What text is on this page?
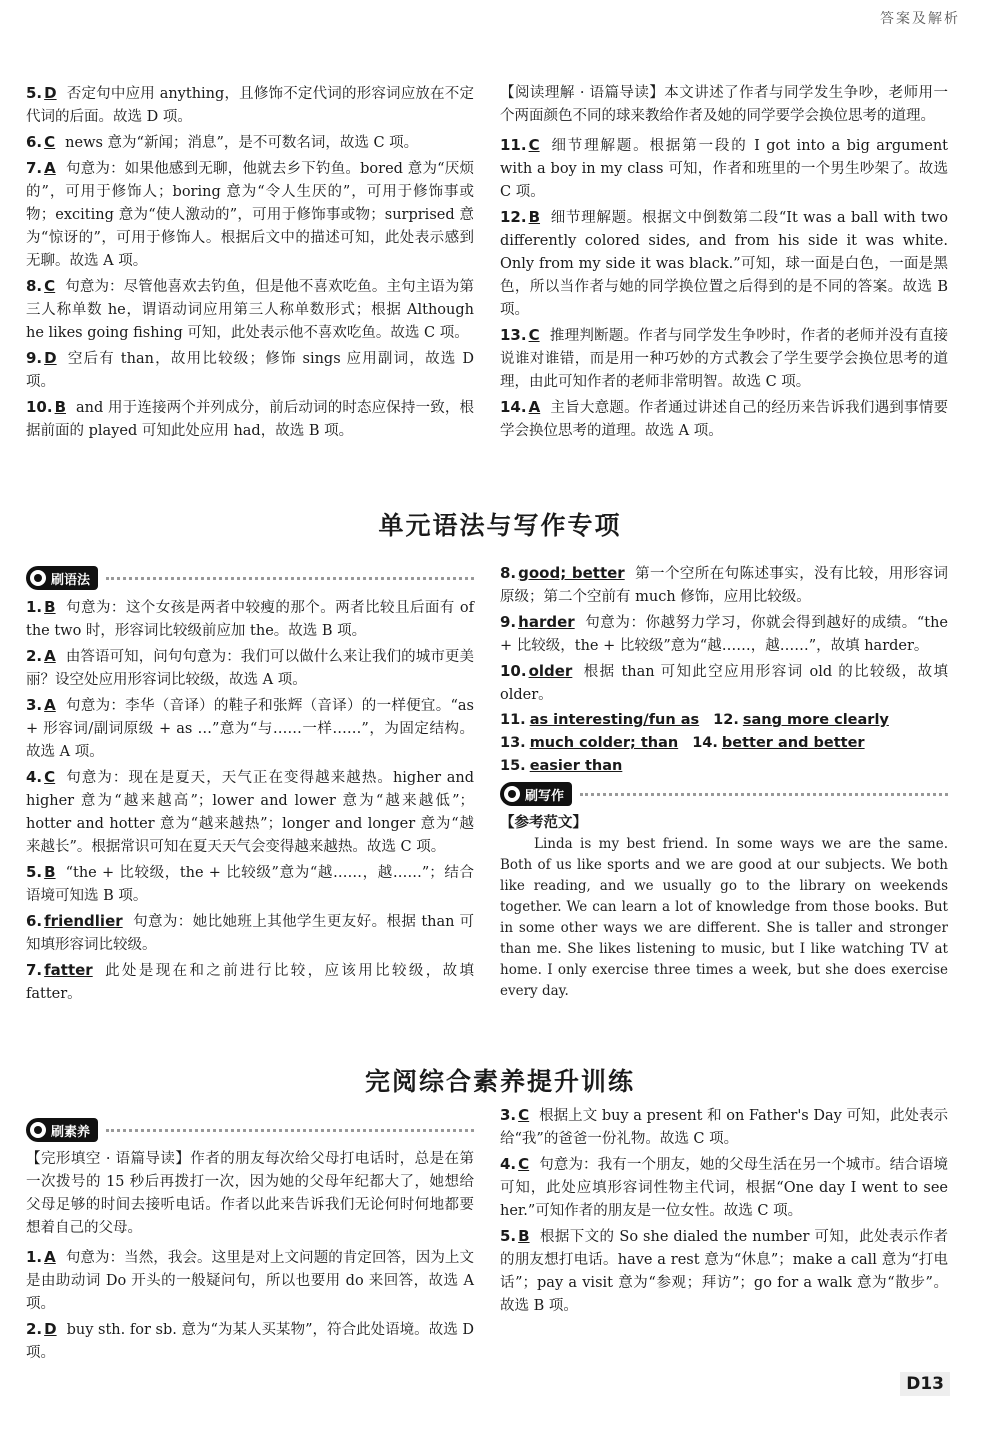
答案及解析
5. D 否定句中应用 anything，且修饰不定代词的形容词应放在不定代词的后面。故选 D 项。
6. C news 意为“新闻；消息”，是不可数名词，故选 C 项。
7. A 句意为：如果他感到无聊，他就去乡下钓鱼。bored 意为“厌烦的”，可用于修饰人；boring 意为“令人生厌的”，可用于修饰事或物；exciting 意为“使人激动的”，可用于修饰事或物；surprised 意为“惊讶的”，可用于修饰人。根据后文中的描述可知，此处表示感到无聊。故选 A 项。
8. C 句意为：尽管他喜欢去钓鱼，但是他不喜欢吃鱼。主句主语为第三人称单数 he，谓语动词应用第三人称单数形式；根据 Although he likes going fishing 可知，此处表示他不喜欢吃鱼。故选 C 项。
9. D 空后有 than，故用比较级；修饰 sings 应用副词，故选 D 项。
10. B and 用于连接两个并列成分，前后动词的时态应保持一致，根据前面的 played 可知此处应用 had，故选 B 项。
【阅读理解 · 语篇导读】本文讲述了作者与同学发生争吵，老师用一个两面颜色不同的球来教给作者及她的同学要学会换位思考的道理。
11. C 细节理解题。根据第一段的 I got into a big argument with a boy in my class 可知，作者和班里的一个男生吵架了。故选 C 项。
12. B 细节理解题。根据文中倒数第二段“It was a ball with two differently colored sides, and from his side it was white. Only from my side it was black.”可知，球一面是白色，一面是黑色，所以当作者与她的同学换位置之后得到的是不同的答案。故选 B 项。
13. C 推理判断题。作者与同学发生争吵时，作者的老师并没有直接说谁对谁错，而是用一种巧妙的方式教会了学生要学会换位思考的道理，由此可知作者的老师非常明智。故选 C 项。
14. A 主旨大意题。作者通过讲述自己的经历来告诉我们遇到事情要学会换位思考的道理。故选 A 项。
单元语法与写作专项
刷语法
1. B 句意为：这个女孩是两者中较瘦的那个。两者比较且后面有 of the two 时，形容词比较级前应加 the。故选 B 项。
2. A 由答语可知，问句句意为：我们可以做什么来让我们的城市更美丽？设空处应用形容词比较级，故选 A 项。
3. A 句意为：李华（音译）的鞋子和张辉（音译）的一样便宜。“as + 形容词/副词原级 + as …”意为“与……一样……”，为固定结构。故选 A 项。
4. C 句意为：现在是夏天，天气正在变得越来越热。higher and higher 意为“越来越高”；lower and lower 意为“越来越低”；hotter and hotter 意为“越来越热”；longer and longer 意为“越来越长”。根据常识可知在夏天天气会变得越来越热。故选 C 项。
5. B “the + 比较级，the + 比较级”意为“越……，越……”；结合语境可知选 B 项。
6. friendlier 句意为：她比她班上其他学生更友好。根据 than 可知填形容词比较级。
7. fatter 此处是现在和之前进行比较，应该用比较级，故填 fatter。
8. good; better 第一个空所在句陈述事实，没有比较，用形容词原级；第二个空前有 much 修饰，应用比较级。
9. harder 句意为：你越努力学习，你就会得到越好的成绩。“the + 比较级，the + 比较级”意为“越……，越……”，故填 harder。
10. older 根据 than 可知此空应用形容词 old 的比较级，故填 older。
11. as interesting/fun as 12. sang more clearly
13. much colder; than 14. better and better
15. easier than
刷写作
【参考范文】
Linda is my best friend. In some ways we are the same. Both of us like sports and we are good at our subjects. We both like reading, and we usually go to the library on weekends together. We can learn a lot of knowledge from those books. But in some other ways we are different. She is taller and stronger than me. She likes listening to music, but I like watching TV at home. I only exercise three times a week, but she does exercise every day.
完阅综合素养提升训练
刷素养
【完形填空 · 语篇导读】作者的朋友每次给父母打电话时，总是在第一次拨号的 15 秒后再拨打一次，因为她的父母年纪都大了，她想给父母足够的时间去接听电话。作者以此来告诉我们无论何时何地都要想着自己的父母。
1. A 句意为：当然，我会。这里是对上文问题的肯定回答，因为上文是由助动词 Do 开头的一般疑问句，所以也要用 do 来回答，故选 A 项。
2. D buy sth. for sb. 意为“为某人买某物”，符合此处语境。故选 D 项。
3. C 根据上文 buy a present 和 on Father's Day 可知，此处表示给“我”的爸爸一份礼物。故选 C 项。
4. C 句意为：我有一个朋友，她的父母生活在另一个城市。结合语境可知，此处应填形容词性物主代词，根据“One day I went to see her.”可知作者的朋友是一位女性。故选 C 项。
5. B 根据下文的 So she dialed the number 可知，此处表示作者的朋友想打电话。have a rest 意为“休息”；make a call 意为“打电话”；pay a visit 意为“参观；拜访”；go for a walk 意为“散步”。故选 B 项。
D13
